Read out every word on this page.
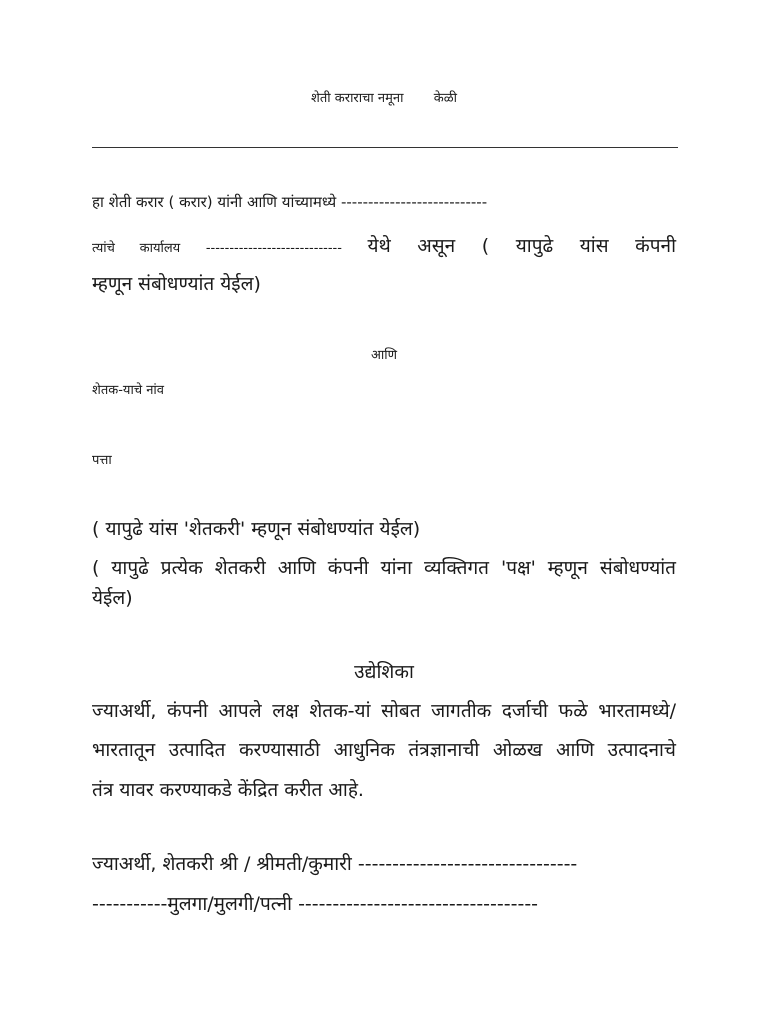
शेती कराराचा नमूना केळी
हा शेती करार ( करार) यांनी आणि यांच्यामध्ये ---------------------------
त्यांचे कार्यालय ----------------------------- येथे असून ( यापुढे यांस कंपनी
म्हणून संबोधण्यांत येईल)
आणि
शेतक-याचे नांव
पत्ता
( यापुढे यांस 'शेतकरी' म्हणून संबोधण्यांत येईल)
( यापुढे प्रत्येक शेतकरी आणि कंपनी यांना व्यक्तिगत 'पक्ष' म्हणून संबोधण्यांत
येईल)
उद्येशिका
ज्याअर्थी, कंपनी आपले लक्ष शेतक-यां सोबत जागतीक दर्जाची फळे भारतामध्ये/
भारतातून उत्पादित करण्यासाठी आधुनिक तंत्रज्ञानाची ओळख आणि उत्पादनाचे
तंत्र यावर करण्याकडे केंद्रित करीत आहे.
ज्याअर्थी, शेतकरी श्री / श्रीमती/कुमारी --------------------------------
-----------मुलगा/मुलगी/पत्नी -----------------------------------
